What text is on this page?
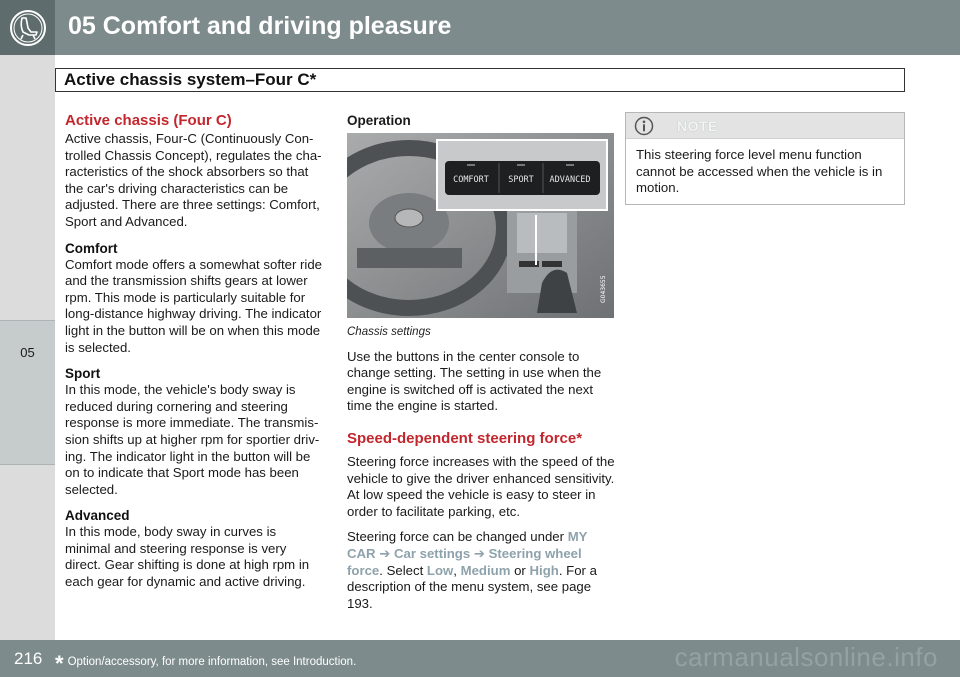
05 Comfort and driving pleasure
05
Active chassis system–Four C*
Active chassis (Four C)

Active chassis, Four-C (Continuously Con-trolled Chassis Concept), regulates the cha-racteristics of the shock absorbers so that the car's driving characteristics can be adjusted. There are three settings: Comfort, Sport and Advanced.

Comfort

Comfort mode offers a somewhat softer ride and the transmission shifts gears at lower rpm. This mode is particularly suitable for long-distance highway driving. The indicator light in the button will be on when this mode is selected.

Sport

In this mode, the vehicle's body sway is reduced during cornering and steering response is more immediate. The transmis-sion shifts up at higher rpm for sportier driv-ing. The indicator light in the button will be on to indicate that Sport mode has been selected.

Advanced

In this mode, body sway in curves is minimal and steering response is very direct. Gear shifting is done at high rpm in each gear for dynamic and active driving.

Operation
COMFORT SPORT ADVANCED
G043655
Chassis settings

Use the buttons in the center console to change setting. The setting in use when the engine is switched off is activated the next time the engine is started.

Speed-dependent steering force*

Steering force increases with the speed of the vehicle to give the driver enhanced sensitivity. At low speed the vehicle is easy to steer in order to facilitate parking, etc.

Steering force can be changed under MY CAR ➔ Car settings ➔ Steering wheel force. Select Low, Medium or High. For a description of the menu system, see page 193.

NOTE
This steering force level menu function cannot be accessed when the vehicle is in motion.
216 * Option/accessory, for more information, see Introduction.	carmanualsonline.info
